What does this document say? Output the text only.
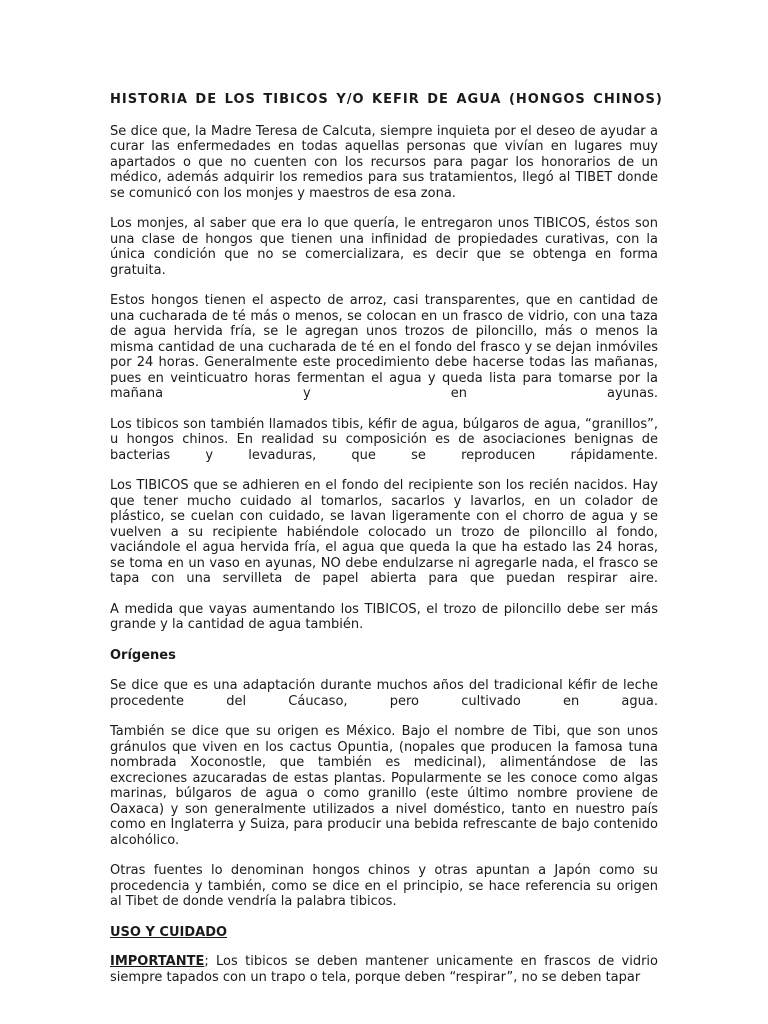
HISTORIA DE LOS TIBICOS Y/O KEFIR DE AGUA (HONGOS CHINOS)

Se dice que, la Madre Teresa de Calcuta, siempre inquieta por el deseo de ayudar a curar las enfermedades en todas aquellas personas que vivían en lugares muy apartados o que no cuenten con los recursos para pagar los honorarios de un médico, además adquirir los remedios para sus tratamientos, llegó al TIBET donde se comunicó con los monjes y maestros de esa zona.

Los monjes, al saber que era lo que quería, le entregaron unos TIBICOS, éstos son una clase de hongos que tienen una infinidad de propiedades curativas, con la única condición que no se comercializara, es decir que se obtenga en forma gratuita.

Estos hongos tienen el aspecto de arroz, casi transparentes, que en cantidad de una cucharada de té más o menos, se colocan en un frasco de vidrio, con una taza de agua hervida fría, se le agregan unos trozos de piloncillo, más o menos la misma cantidad de una cucharada de té en el fondo del frasco y se dejan inmóviles por 24 horas. Generalmente este procedimiento debe hacerse todas las mañanas, pues en veinticuatro horas fermentan el agua y queda lista para tomarse por la mañana y en ayunas.

Los tibicos son también llamados tibis, kéfir de agua, búlgaros de agua, “granillos”, u hongos chinos. En realidad su composición es de asociaciones benignas de bacterias y levaduras, que se reproducen rápidamente.

Los TIBICOS que se adhieren en el fondo del recipiente son los recién nacidos. Hay que tener mucho cuidado al tomarlos, sacarlos y lavarlos, en un colador de plástico, se cuelan con cuidado, se lavan ligeramente con el chorro de agua y se vuelven a su recipiente habiéndole colocado un trozo de piloncillo al fondo, vaciándole el agua hervida fría, el agua que queda la que ha estado las 24 horas, se toma en un vaso en ayunas, NO debe endulzarse ni agregarle nada, el frasco se tapa con una servilleta de papel abierta para que puedan respirar aire.

A medida que vayas aumentando los TIBICOS, el trozo de piloncillo debe ser más grande y la cantidad de agua también.

Orígenes

Se dice que es una adaptación durante muchos años del tradicional kéfir de leche procedente del Cáucaso, pero cultivado en agua.

También se dice que su origen es México. Bajo el nombre de Tibi, que son unos gránulos que viven en los cactus Opuntia, (nopales que producen la famosa tuna nombrada Xoconostle, que también es medicinal), alimentándose de las excreciones azucaradas de estas plantas. Popularmente se les conoce como algas marinas, búlgaros de agua o como granillo (este último nombre proviene de Oaxaca) y son generalmente utilizados a nivel doméstico, tanto en nuestro país como en Inglaterra y Suiza, para producir una bebida refrescante de bajo contenido alcohólico.

Otras fuentes lo denominan hongos chinos y otras apuntan a Japón como su procedencia y también, como se dice en el principio, se hace referencia su origen al Tibet de donde vendría la palabra tibicos.

USO Y CUIDADO

IMPORTANTE; Los tibicos se deben mantener unicamente en frascos de vidrio siempre tapados con un trapo o tela, porque deben “respirar”, no se deben tapar
